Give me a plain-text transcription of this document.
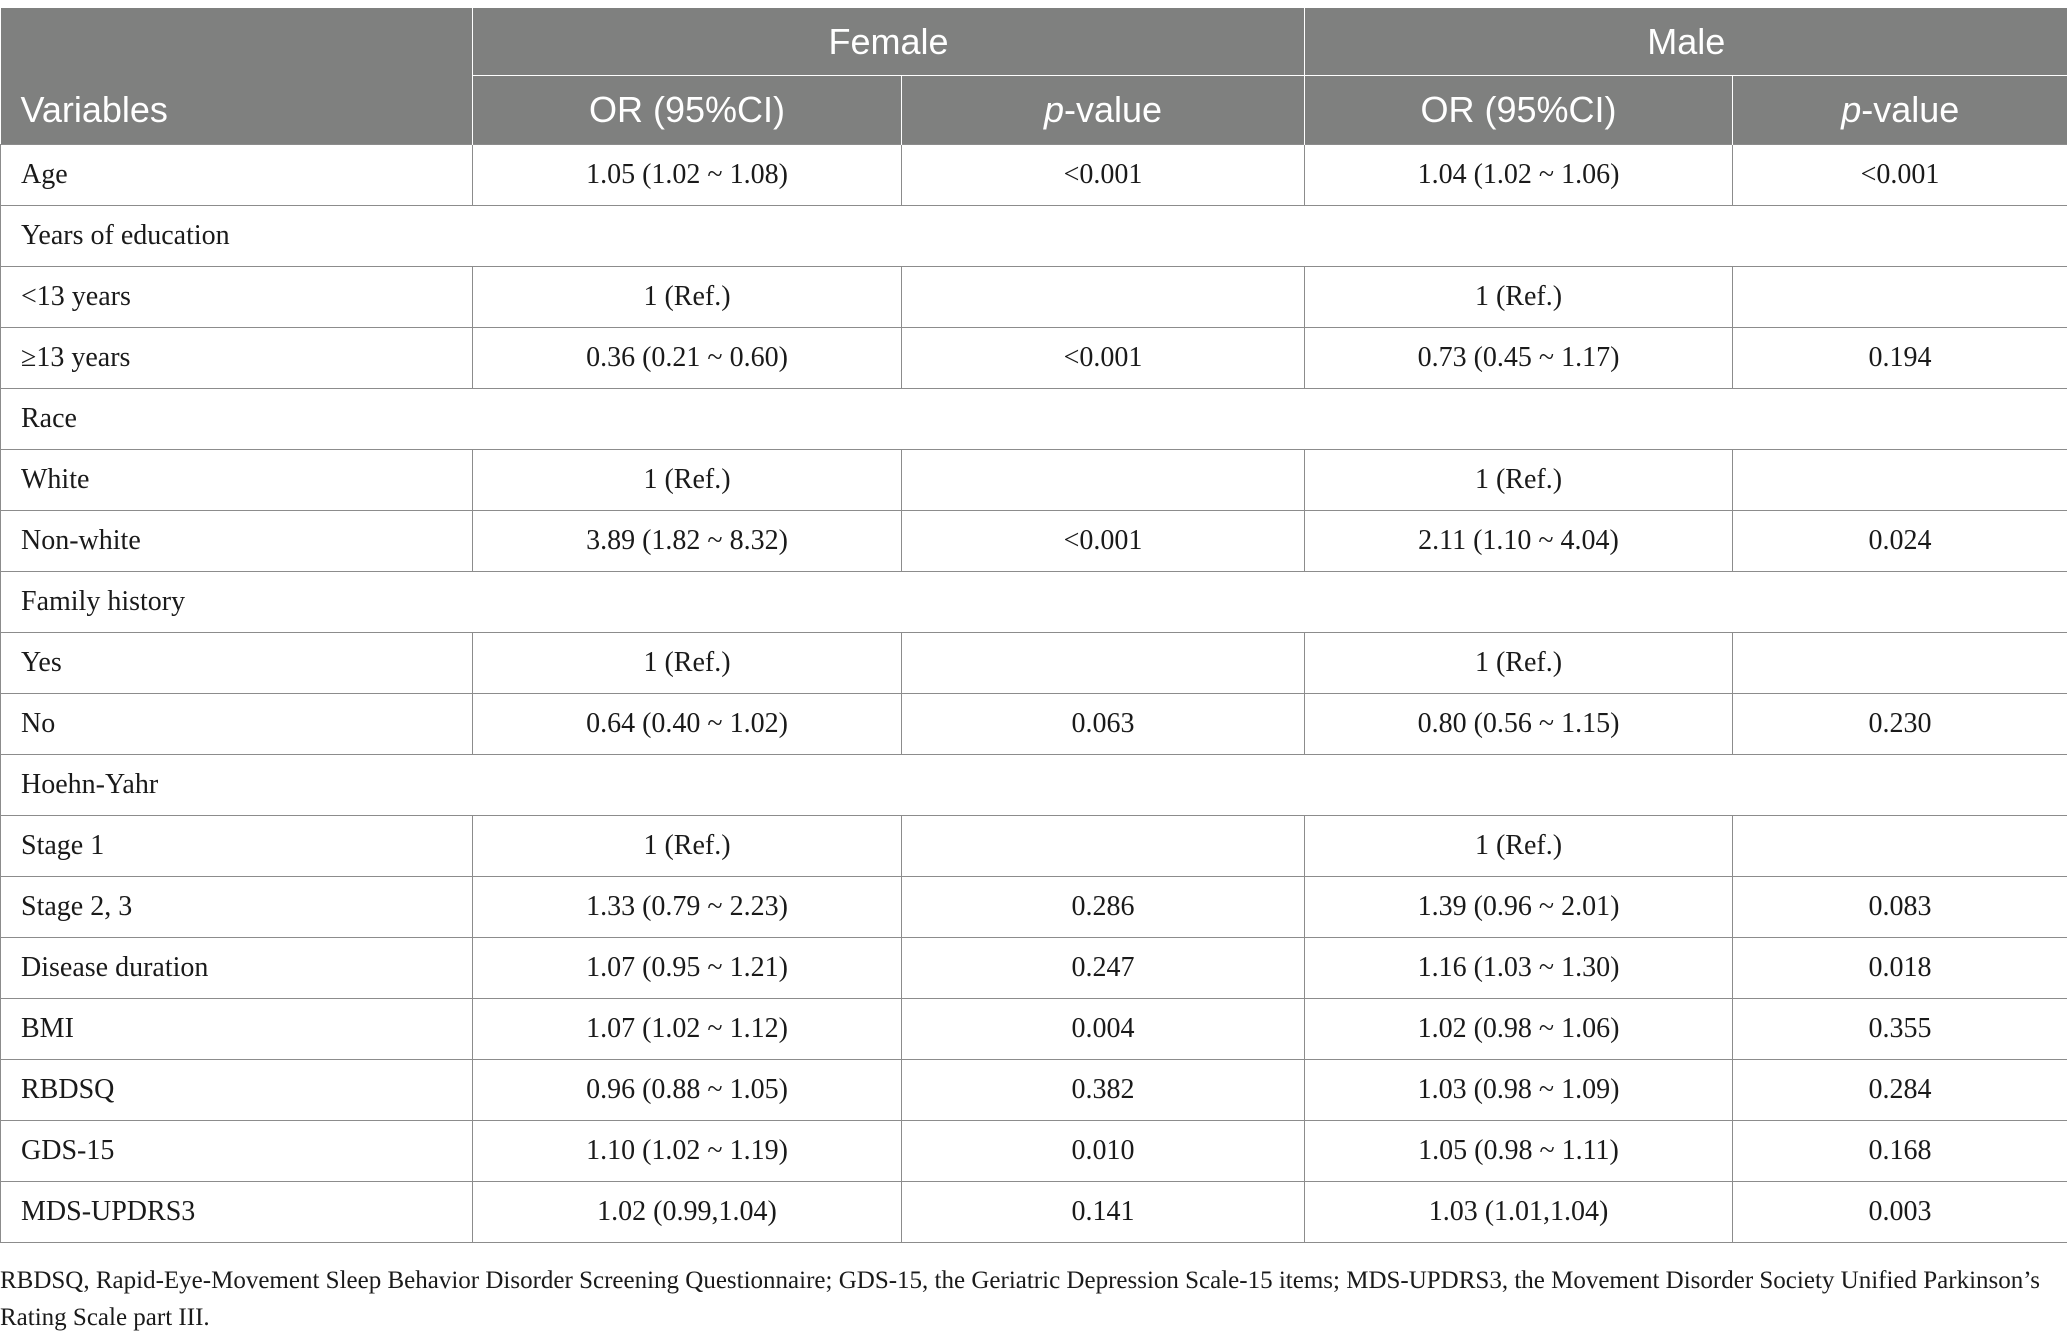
	Female		Male	
Variables	OR (95%CI)	p-value	OR (95%CI)	p-value
Age	1.05 (1.02 ~ 1.08)	<0.001	1.04 (1.02 ~ 1.06)	<0.001
Years of education				
<13 years	1 (Ref.)		1 (Ref.)	
≥13 years	0.36 (0.21 ~ 0.60)	<0.001	0.73 (0.45 ~ 1.17)	0.194
Race				
White	1 (Ref.)		1 (Ref.)	
Non-white	3.89 (1.82 ~ 8.32)	<0.001	2.11 (1.10 ~ 4.04)	0.024
Family history				
Yes	1 (Ref.)		1 (Ref.)	
No	0.64 (0.40 ~ 1.02)	0.063	0.80 (0.56 ~ 1.15)	0.230
Hoehn-Yahr				
Stage 1	1 (Ref.)		1 (Ref.)	
Stage 2, 3	1.33 (0.79 ~ 2.23)	0.286	1.39 (0.96 ~ 2.01)	0.083
Disease duration	1.07 (0.95 ~ 1.21)	0.247	1.16 (1.03 ~ 1.30)	0.018
BMI	1.07 (1.02 ~ 1.12)	0.004	1.02 (0.98 ~ 1.06)	0.355
RBDSQ	0.96 (0.88 ~ 1.05)	0.382	1.03 (0.98 ~ 1.09)	0.284
GDS-15	1.10 (1.02 ~ 1.19)	0.010	1.05 (0.98 ~ 1.11)	0.168
MDS-UPDRS3	1.02 (0.99,1.04)	0.141	1.03 (1.01,1.04)	0.003
RBDSQ, Rapid-Eye-Movement Sleep Behavior Disorder Screening Questionnaire; GDS-15, the Geriatric Depression Scale-15 items; MDS-UPDRS3, the Movement Disorder Society Unified Parkinson’s Rating Scale part III.
